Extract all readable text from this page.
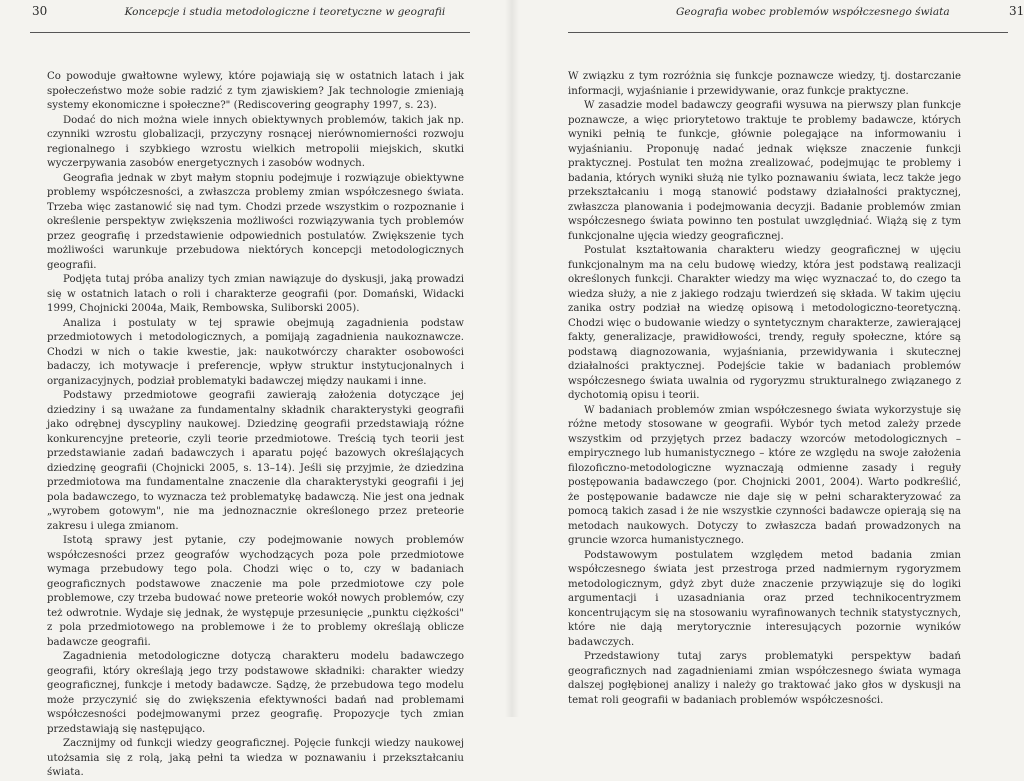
30	Koncepcje i studia metodologiczne i teoretyczne w geografii

Co powoduje gwałtowne wylewy, które pojawiają się w ostatnich latach i jak społeczeństwo może sobie radzić z tym zjawiskiem? Jak technologie zmieniają systemy ekonomiczne i społeczne?" (Rediscovering geography 1997, s. 23).

Dodać do nich można wiele innych obiektywnych problemów, takich jak np. czynniki wzrostu globalizacji, przyczyny rosnącej nierównomierności rozwoju regionalnego i szybkiego wzrostu wielkich metropolii miejskich, skutki wyczerpywania zasobów energetycznych i zasobów wodnych.

Geografia jednak w zbyt małym stopniu podejmuje i rozwiązuje obiektywne problemy współczesności, a zwłaszcza problemy zmian współczesnego świata. Trzeba więc zastanowić się nad tym. Chodzi przede wszystkim o rozpoznanie i określenie perspektyw zwiększenia możliwości rozwiązywania tych problemów przez geografię i przedstawienie odpowiednich postulatów. Zwiększenie tych możliwości warunkuje przebudowa niektórych koncepcji metodologicznych geografii.

Podjęta tutaj próba analizy tych zmian nawiązuje do dyskusji, jaką prowadzi się w ostatnich latach o roli i charakterze geografii (por. Domański, Widacki 1999, Chojnicki 2004a, Maik, Rembowska, Suliborski 2005).

Analiza i postulaty w tej sprawie obejmują zagadnienia podstaw przedmiotowych i metodologicznych, a pomijają zagadnienia naukoznawcze. Chodzi w nich o takie kwestie, jak: naukotwórczy charakter osobowości badaczy, ich motywacje i preferencje, wpływ struktur instytucjonalnych i organizacyjnych, podział problematyki badawczej między naukami i inne.

Podstawy przedmiotowe geografii zawierają założenia dotyczące jej dziedziny i są uważane za fundamentalny składnik charakterystyki geografii jako odrębnej dyscypliny naukowej. Dziedzinę geografii przedstawiają różne konkurencyjne preteorie, czyli teorie przedmiotowe. Treścią tych teorii jest przedstawianie zadań badawczych i aparatu pojęć bazowych określających dziedzinę geografii (Chojnicki 2005, s. 13–14). Jeśli się przyjmie, że dziedzina przedmiotowa ma fundamentalne znaczenie dla charakterystyki geografii i jej pola badawczego, to wyznacza też problematykę badawczą. Nie jest ona jednak „wyrobem gotowym", nie ma jednoznacznie określonego przez preteorie zakresu i ulega zmianom.

Istotą sprawy jest pytanie, czy podejmowanie nowych problemów współczesności przez geografów wychodzących poza pole przedmiotowe wymaga przebudowy tego pola. Chodzi więc o to, czy w badaniach geograficznych podstawowe znaczenie ma pole przedmiotowe czy pole problemowe, czy trzeba budować nowe preteorie wokół nowych problemów, czy też odwrotnie. Wydaje się jednak, że występuje przesunięcie „punktu ciężkości" z pola przedmiotowego na problemowe i że to problemy określają oblicze badawcze geografii.

Zagadnienia metodologiczne dotyczą charakteru modelu badawczego geografii, który określają jego trzy podstawowe składniki: charakter wiedzy geograficznej, funkcje i metody badawcze. Sądzę, że przebudowa tego modelu może przyczynić się do zwiększenia efektywności badań nad problemami współczesności podejmowanymi przez geografię. Propozycje tych zmian przedstawiają się następująco.

Zacznijmy od funkcji wiedzy geograficznej. Pojęcie funkcji wiedzy naukowej utożsamia się z rolą, jaką pełni ta wiedza w poznawaniu i przekształcaniu świata.

Geografia wobec problemów współczesnego świata	31

W związku z tym rozróżnia się funkcje poznawcze wiedzy, tj. dostarczanie informacji, wyjaśnianie i przewidywanie, oraz funkcje praktyczne.

W zasadzie model badawczy geografii wysuwa na pierwszy plan funkcje poznawcze, a więc priorytetowo traktuje te problemy badawcze, których wyniki pełnią te funkcje, głównie polegające na informowaniu i wyjaśnianiu. Proponuję nadać jednak większe znaczenie funkcji praktycznej. Postulat ten można zrealizować, podejmując te problemy i badania, których wyniki służą nie tylko poznawaniu świata, lecz także jego przekształcaniu i mogą stanowić podstawy działalności praktycznej, zwłaszcza planowania i podejmowania decyzji. Badanie problemów zmian współczesnego świata powinno ten postulat uwzględniać. Wiążą się z tym funkcjonalne ujęcia wiedzy geograficznej.

Postulat kształtowania charakteru wiedzy geograficznej w ujęciu funkcjonalnym ma na celu budowę wiedzy, która jest podstawą realizacji określonych funkcji. Charakter wiedzy ma więc wyznaczać to, do czego ta wiedza służy, a nie z jakiego rodzaju twierdzeń się składa. W takim ujęciu zanika ostry podział na wiedzę opisową i metodologiczno-teoretyczną. Chodzi więc o budowanie wiedzy o syntetycznym charakterze, zawierającej fakty, generalizacje, prawidłowości, trendy, reguły społeczne, które są podstawą diagnozowania, wyjaśniania, przewidywania i skutecznej działalności praktycznej. Podejście takie w badaniach problemów współczesnego świata uwalnia od rygoryzmu strukturalnego związanego z dychotomią opisu i teorii.

W badaniach problemów zmian współczesnego świata wykorzystuje się różne metody stosowane w geografii. Wybór tych metod zależy przede wszystkim od przyjętych przez badaczy wzorców metodologicznych – empirycznego lub humanistycznego – które ze względu na swoje założenia filozoficzno-metodologiczne wyznaczają odmienne zasady i reguły postępowania badawczego (por. Chojnicki 2001, 2004). Warto podkreślić, że postępowanie badawcze nie daje się w pełni scharakteryzować za pomocą takich zasad i że nie wszystkie czynności badawcze opierają się na metodach naukowych. Dotyczy to zwłaszcza badań prowadzonych na gruncie wzorca humanistycznego.

Podstawowym postulatem względem metod badania zmian współczesnego świata jest przestroga przed nadmiernym rygoryzmem metodologicznym, gdyż zbyt duże znaczenie przywiązuje się do logiki argumentacji i uzasadniania oraz przed technikocentryzmem koncentrującym się na stosowaniu wyrafinowanych technik statystycznych, które nie dają merytorycznie interesujących pozornie wyników badawczych.

Przedstawiony tutaj zarys problematyki perspektyw badań geograficznych nad zagadnieniami zmian współczesnego świata wymaga dalszej pogłębionej analizy i należy go traktować jako głos w dyskusji na temat roli geografii w badaniach problemów współczesności.
